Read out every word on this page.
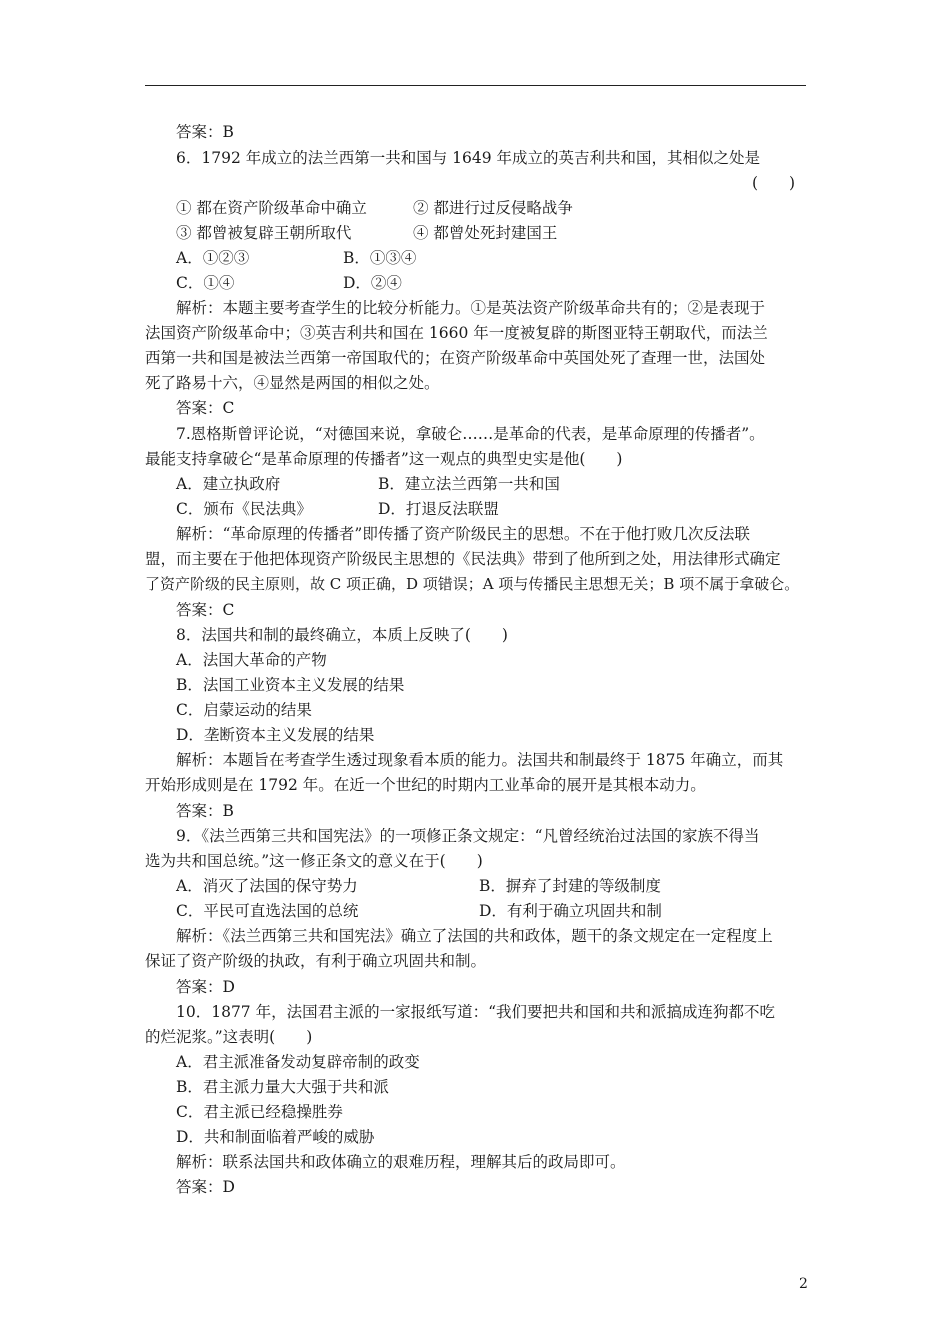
答案：B
6．1792 年成立的法兰西第一共和国与 1649 年成立的英吉利共和国，其相似之处是
(　　)
① 都在资产阶级革命中确立	② 都进行过反侵略战争
③ 都曾被复辟王朝所取代	④ 都曾处死封建国王
A．①②③	B．①③④
C．①④	D．②④
解析：本题主要考查学生的比较分析能力。①是英法资产阶级革命共有的；②是表现于
法国资产阶级革命中；③英吉利共和国在 1660 年一度被复辟的斯图亚特王朝取代，而法兰
西第一共和国是被法兰西第一帝国取代的；在资产阶级革命中英国处死了查理一世，法国处
死了路易十六，④显然是两国的相似之处。
答案：C
7.恩格斯曾评论说，“对德国来说，拿破仑……是革命的代表，是革命原理的传播者”。
最能支持拿破仑“是革命原理的传播者”这一观点的典型史实是他(　　)
A．建立执政府	B．建立法兰西第一共和国
C．颁布《民法典》	D．打退反法联盟
解析：“革命原理的传播者”即传播了资产阶级民主的思想。不在于他打败几次反法联
盟，而主要在于他把体现资产阶级民主思想的《民法典》带到了他所到之处，用法律形式确定
了资产阶级的民主原则，故 C 项正确，D 项错误；A 项与传播民主思想无关；B 项不属于拿破仑。
答案：C
8．法国共和制的最终确立，本质上反映了(　　)
A．法国大革命的产物
B．法国工业资本主义发展的结果
C．启蒙运动的结果
D．垄断资本主义发展的结果
解析：本题旨在考查学生透过现象看本质的能力。法国共和制最终于 1875 年确立，而其
开始形成则是在 1792 年。在近一个世纪的时期内工业革命的展开是其根本动力。
答案：B
9．《法兰西第三共和国宪法》的一项修正条文规定：“凡曾经统治过法国的家族不得当
选为共和国总统。”这一修正条文的意义在于(　　)
A．消灭了法国的保守势力	B．摒弃了封建的等级制度
C．平民可直选法国的总统	D．有利于确立巩固共和制
解析：《法兰西第三共和国宪法》确立了法国的共和政体，题干的条文规定在一定程度上
保证了资产阶级的执政，有利于确立巩固共和制。
答案：D
10．1877 年，法国君主派的一家报纸写道：“我们要把共和国和共和派搞成连狗都不吃
的烂泥浆。”这表明(　　)
A．君主派准备发动复辟帝制的政变
B．君主派力量大大强于共和派
C．君主派已经稳操胜券
D．共和制面临着严峻的威胁
解析：联系法国共和政体确立的艰难历程，理解其后的政局即可。
答案：D
2
